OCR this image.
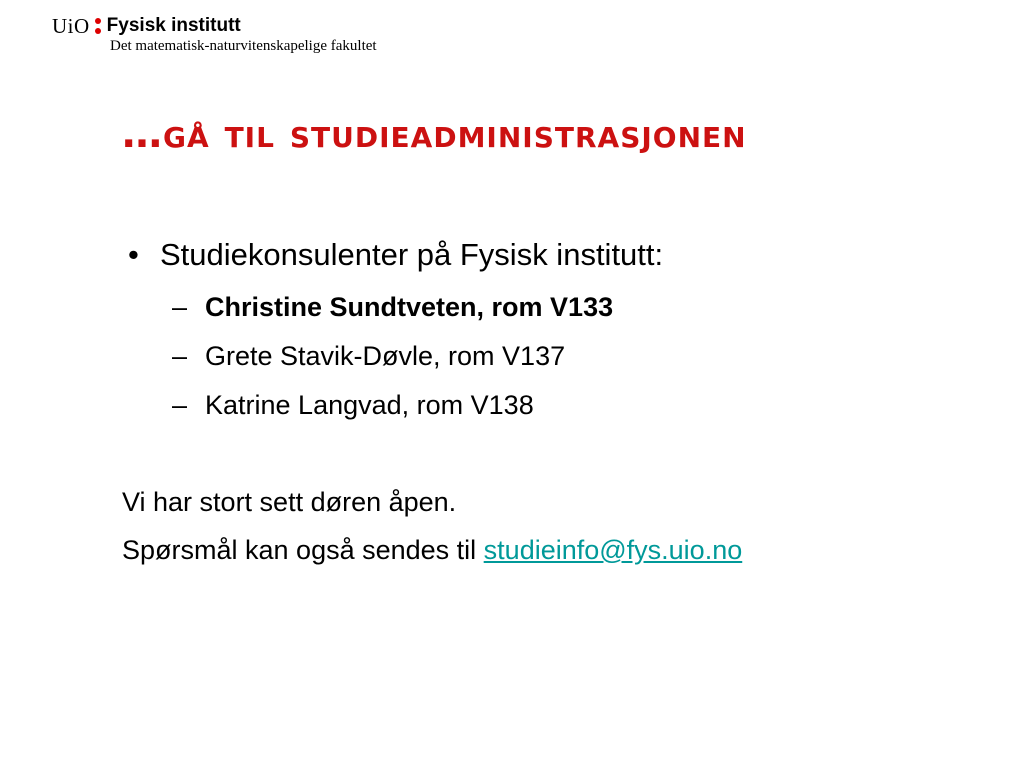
UiO Fysisk institutt
Det matematisk-naturvitenskapelige fakultet
…gå til studieadministrasjonen

• Studiekonsulenter på Fysisk institutt:

– Christine Sundtveten, rom V133
– Grete Stavik-Døvle, rom V137
– Katrine Langvad, rom V138

Vi har stort sett døren åpen.

Spørsmål kan også sendes til studieinfo@fys.uio.no
